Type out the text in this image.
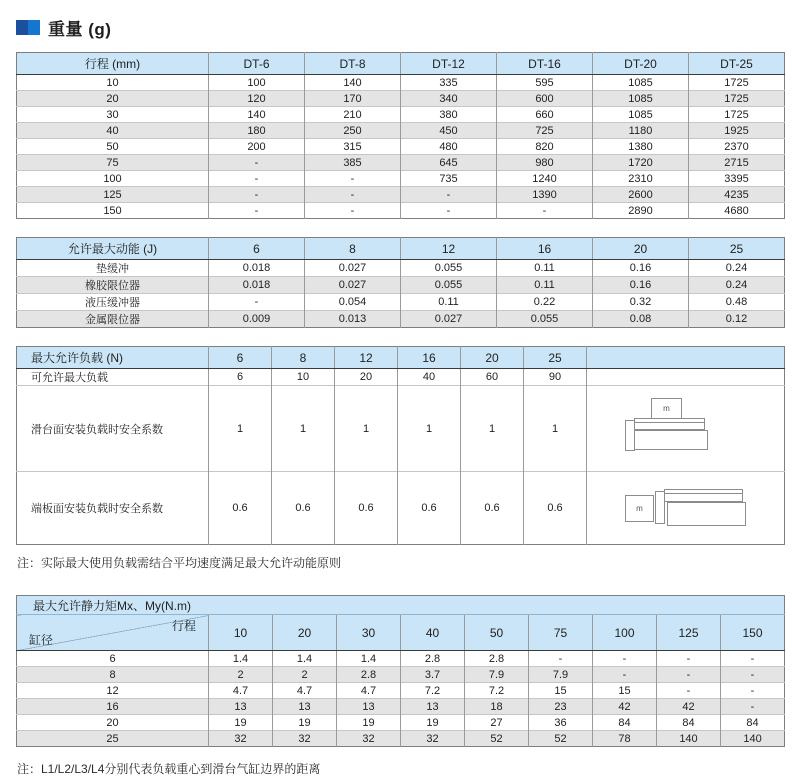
重量 (g)
行程 (mm)	DT-6	DT-8	DT-12	DT-16	DT-20	DT-25
10	100	140	335	595	1085	1725
20	120	170	340	600	1085	1725
30	140	210	380	660	1085	1725
40	180	250	450	725	1180	1925
50	200	315	480	820	1380	2370
75	-	385	645	980	1720	2715
100	-	-	735	1240	2310	3395
125	-	-	-	1390	2600	4235
150	-	-	-	-	2890	4680
允许最大动能 (J)	6	8	12	16	20	25
垫缓冲	0.018	0.027	0.055	0.11	0.16	0.24
橡胶限位器	0.018	0.027	0.055	0.11	0.16	0.24
液压缓冲器	-	0.054	0.11	0.22	0.32	0.48
金属限位器	0.009	0.013	0.027	0.055	0.08	0.12
最大允许负载 (N)	6	8	12	16	20	25	
可允许最大负载	6	10	20	40	60	90	
滑台面安装负载时安全系数	1	1	1	1	1	1	m

端板面安装负载时安全系数	0.6	0.6	0.6	0.6	0.6	0.6	m
注：实际最大使用负载需结合平均速度满足最大允许动能原则
最大允许静力矩Mx、My(N.m)									

行程
缸径	10	20	30	40	50	75	100	125	150
6	1.4	1.4	1.4	2.8	2.8	-	-	-	-
8	2	2	2.8	3.7	7.9	7.9	-	-	-
12	4.7	4.7	4.7	7.2	7.2	15	15	-	-
16	13	13	13	13	18	23	42	42	-
20	19	19	19	19	27	36	84	84	84
25	32	32	32	32	52	52	78	140	140
注：L1/L2/L3/L4分别代表负载重心到滑台气缸边界的距离
